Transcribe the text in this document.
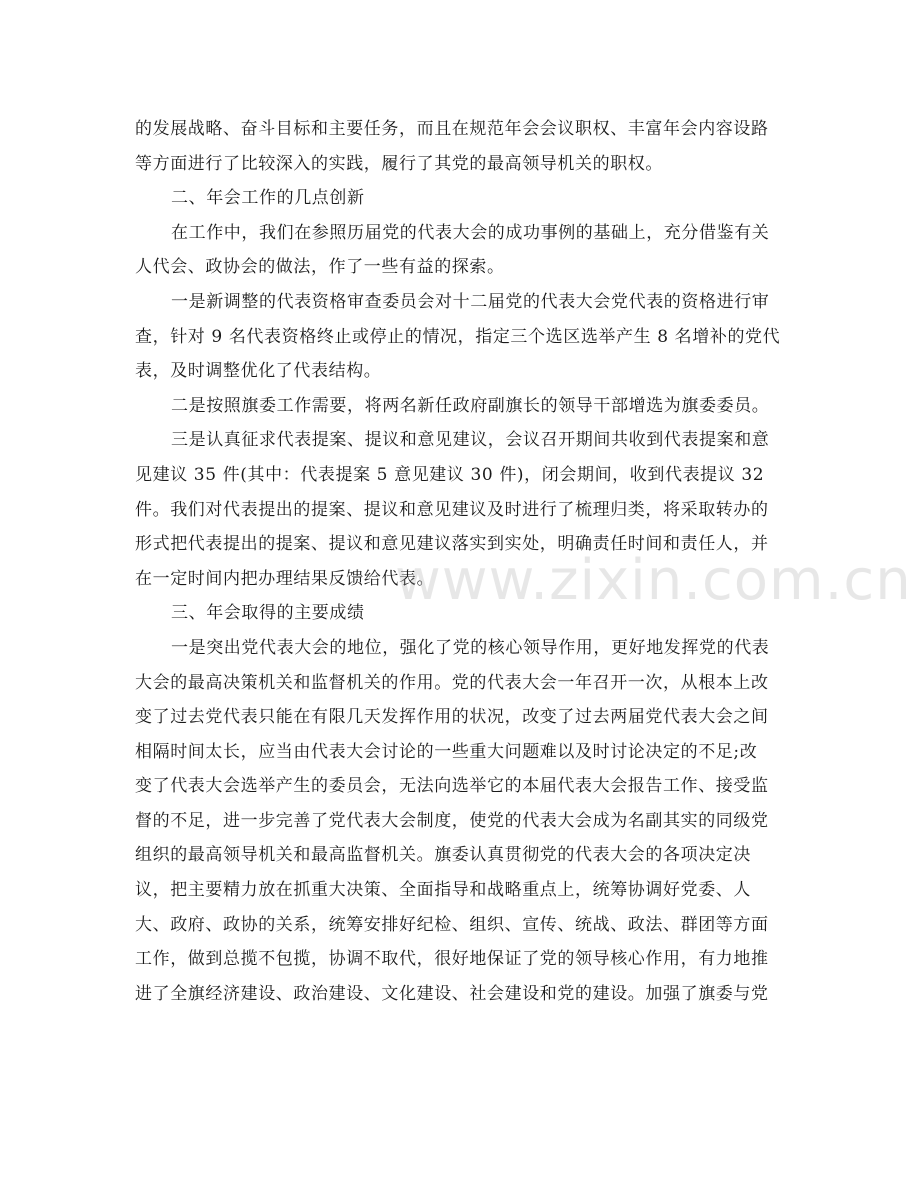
的发展战略、奋斗目标和主要任务，而且在规范年会会议职权、丰富年会内容设路
等方面进行了比较深入的实践，履行了其党的最高领导机关的职权。
二、年会工作的几点创新
在工作中，我们在参照历届党的代表大会的成功事例的基础上，充分借鉴有关
人代会、政协会的做法，作了一些有益的探索。
一是新调整的代表资格审查委员会对十二届党的代表大会党代表的资格进行审
查，针对 9 名代表资格终止或停止的情况，指定三个选区选举产生 8 名增补的党代
表，及时调整优化了代表结构。
二是按照旗委工作需要，将两名新任政府副旗长的领导干部增选为旗委委员。
三是认真征求代表提案、提议和意见建议，会议召开期间共收到代表提案和意
见建议 35 件(其中：代表提案 5 意见建议 30 件)，闭会期间，收到代表提议 32
件。我们对代表提出的提案、提议和意见建议及时进行了梳理归类，将采取转办的
形式把代表提出的提案、提议和意见建议落实到实处，明确责任时间和责任人，并
在一定时间内把办理结果反馈给代表。
三、年会取得的主要成绩
一是突出党代表大会的地位，强化了党的核心领导作用，更好地发挥党的代表
大会的最高决策机关和监督机关的作用。党的代表大会一年召开一次，从根本上改
变了过去党代表只能在有限几天发挥作用的状况，改变了过去两届党代表大会之间
相隔时间太长，应当由代表大会讨论的一些重大问题难以及时讨论决定的不足;改
变了代表大会选举产生的委员会，无法向选举它的本届代表大会报告工作、接受监
督的不足，进一步完善了党代表大会制度，使党的代表大会成为名副其实的同级党
组织的最高领导机关和最高监督机关。旗委认真贯彻党的代表大会的各项决定决
议，把主要精力放在抓重大决策、全面指导和战略重点上，统筹协调好党委、人
大、政府、政协的关系，统筹安排好纪检、组织、宣传、统战、政法、群团等方面
工作，做到总揽不包揽，协调不取代，很好地保证了党的领导核心作用，有力地推
进了全旗经济建设、政治建设、文化建设、社会建设和党的建设。加强了旗委与党
www.zixin.com.cn
